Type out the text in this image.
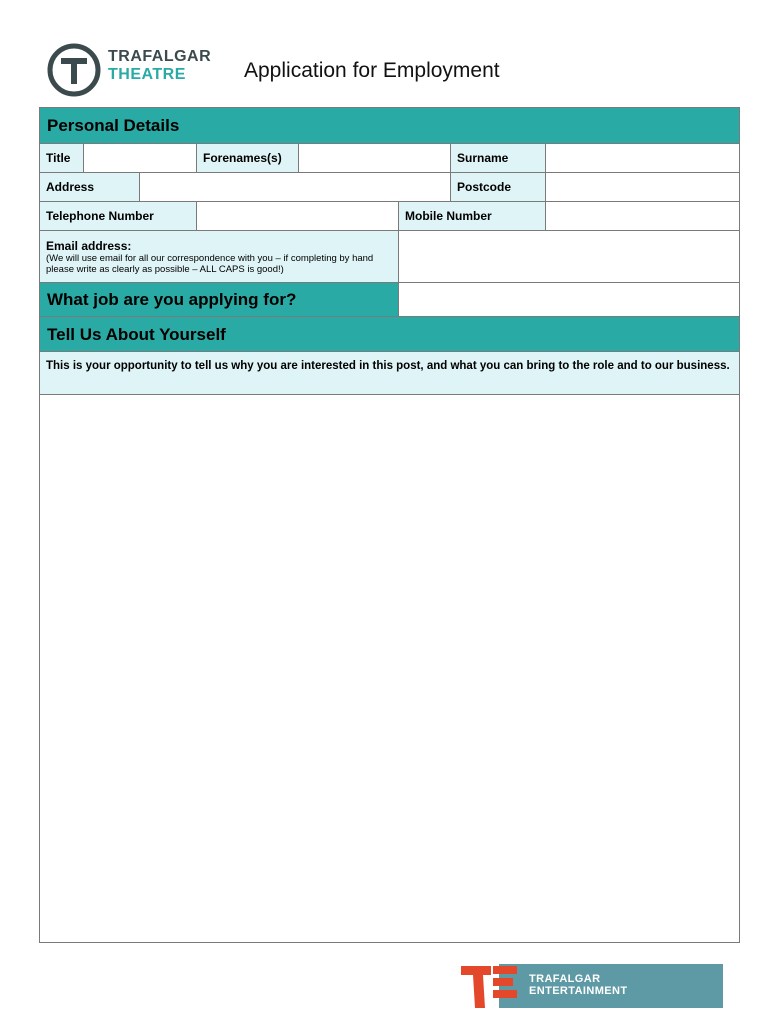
TRAFALGAR
THEATRE	Application for Employment
Personal Details
Title	Forenames(s)	Surname
Address	Postcode
Telephone Number	Mobile Number
Email address:
(We will use email for all our correspondence with you – if completing by hand please write as clearly as possible – ALL CAPS is good!)
What job are you applying for?
Tell Us About Yourself
This is your opportunity to tell us why you are interested in this post, and what you can bring to the role and to our business.
TRAFALGAR
ENTERTAINMENT
